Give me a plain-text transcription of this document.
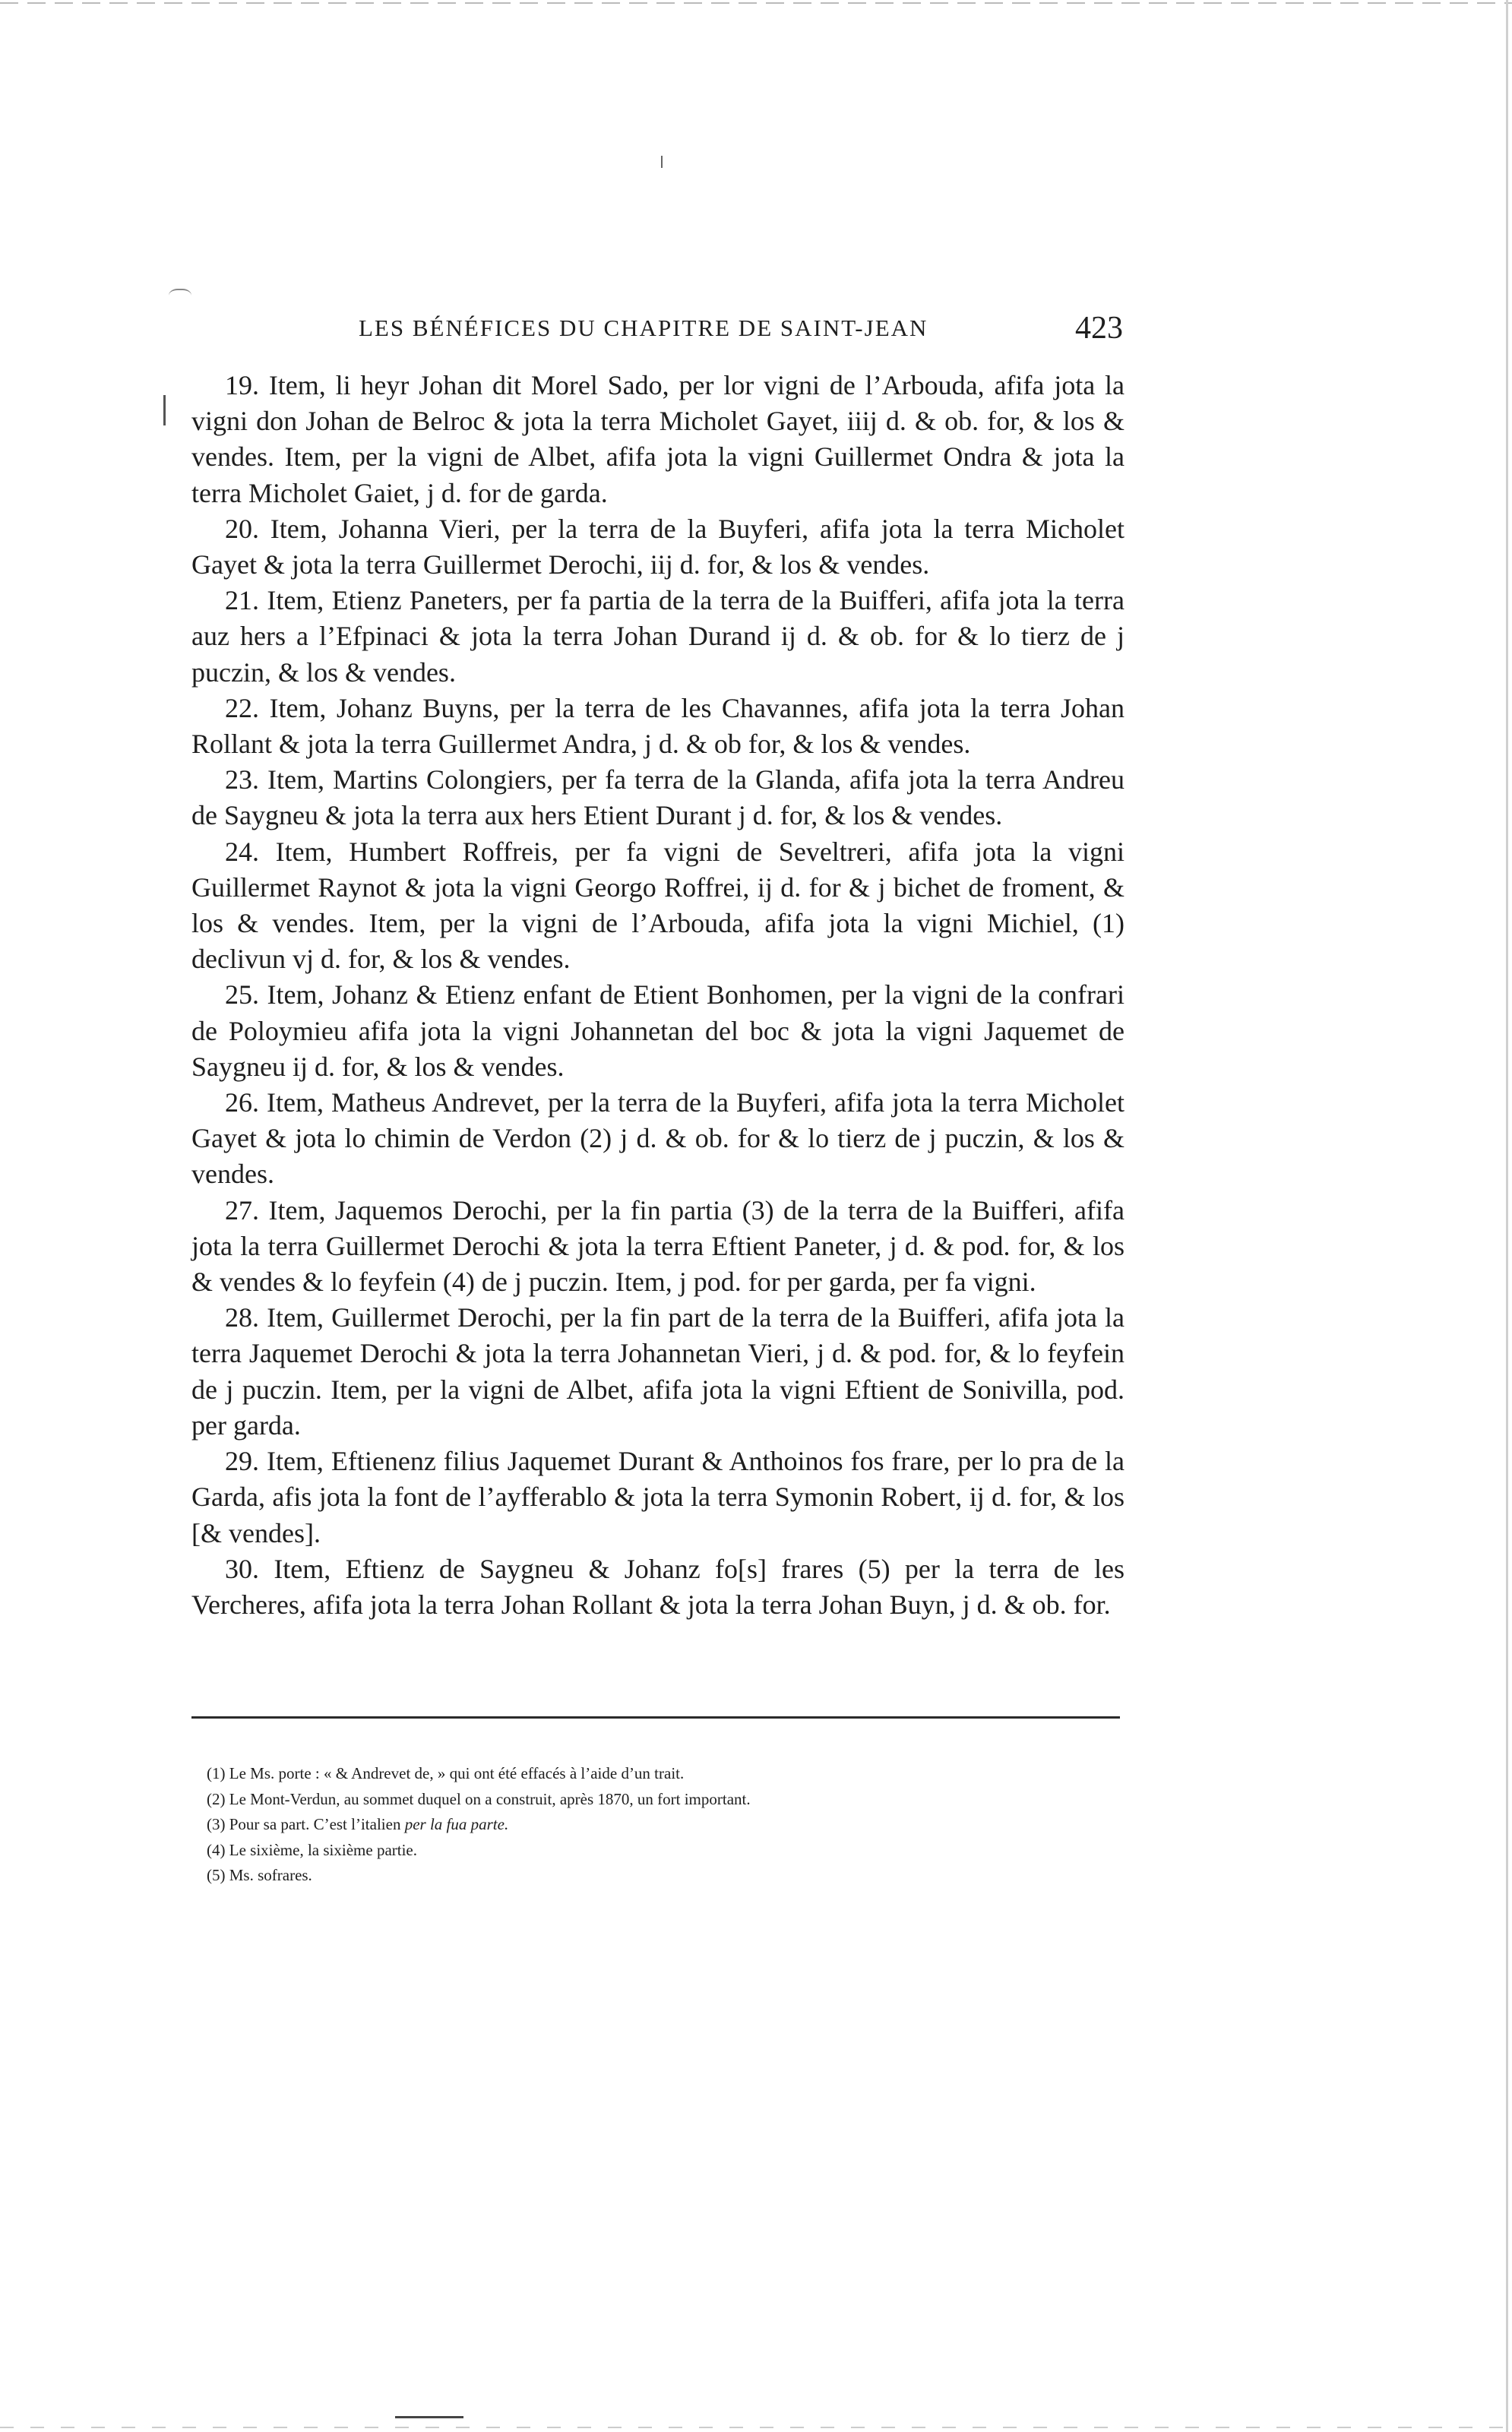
LES BÉNÉFICES DU CHAPITRE DE SAINT-JEAN	423

19. Item, li heyr Johan dit Morel Sado, per lor vigni de l’Arbouda, afifa jota la vigni don Johan de Belroc & jota la terra Micholet Gayet, iiij d. & ob. for, & los & vendes. Item, per la vigni de Albet, afifa jota la vigni Guillermet Ondra & jota la terra Micholet Gaiet, j d. for de garda.

20. Item, Johanna Vieri, per la terra de la Buyferi, afifa jota la terra Micholet Gayet & jota la terra Guillermet Derochi, iij d. for, & los & vendes.

21. Item, Etienz Paneters, per fa partia de la terra de la Buifferi, afifa jota la terra auz hers a l’Efpinaci & jota la terra Johan Durand ij d. & ob. for & lo tierz de j puczin, & los & vendes.

22. Item, Johanz Buyns, per la terra de les Chavannes, afifa jota la terra Johan Rollant & jota la terra Guillermet Andra, j d. & ob for, & los & vendes.

23. Item, Martins Colongiers, per fa terra de la Glanda, afifa jota la terra Andreu de Saygneu & jota la terra aux hers Etient Durant j d. for, & los & vendes.

24. Item, Humbert Roffreis, per fa vigni de Seveltreri, afifa jota la vigni Guillermet Raynot & jota la vigni Georgo Roffrei, ij d. for & j bichet de froment, & los & vendes. Item, per la vigni de l’Arbouda, afifa jota la vigni Michiel, (1) declivun vj d. for, & los & vendes.

25. Item, Johanz & Etienz enfant de Etient Bonhomen, per la vigni de la confrari de Poloymieu afifa jota la vigni Johannetan del boc & jota la vigni Jaquemet de Saygneu ij d. for, & los & vendes.

26. Item, Matheus Andrevet, per la terra de la Buyferi, afifa jota la terra Micholet Gayet & jota lo chimin de Verdon (2) j d. & ob. for & lo tierz de j puczin, & los & vendes.

27. Item, Jaquemos Derochi, per la fin partia (3) de la terra de la Buifferi, afifa jota la terra Guillermet Derochi & jota la terra Eftient Paneter, j d. & pod. for, & los & vendes & lo feyfein (4) de j puczin. Item, j pod. for per garda, per fa vigni.

28. Item, Guillermet Derochi, per la fin part de la terra de la Buifferi, afifa jota la terra Jaquemet Derochi & jota la terra Johannetan Vieri, j d. & pod. for, & lo feyfein de j puczin. Item, per la vigni de Albet, afifa jota la vigni Eftient de Sonivilla, pod. per garda.

29. Item, Eftienenz filius Jaquemet Durant & Anthoinos fos frare, per lo pra de la Garda, afis jota la font de l’ayfferablo & jota la terra Symonin Robert, ij d. for, & los [& vendes].

30. Item, Eftienz de Saygneu & Johanz fo[s] frares (5) per la terra de les Vercheres, afifa jota la terra Johan Rollant & jota la terra Johan Buyn, j d. & ob. for.

(1) Le Ms. porte : « & Andrevet de, » qui ont été effacés à l’aide d’un trait.
(2) Le Mont-Verdun, au sommet duquel on a construit, après 1870, un fort important.
(3) Pour sa part. C’est l’italien per la fua parte.
(4) Le sixième, la sixième partie.
(5) Ms. sofrares.
